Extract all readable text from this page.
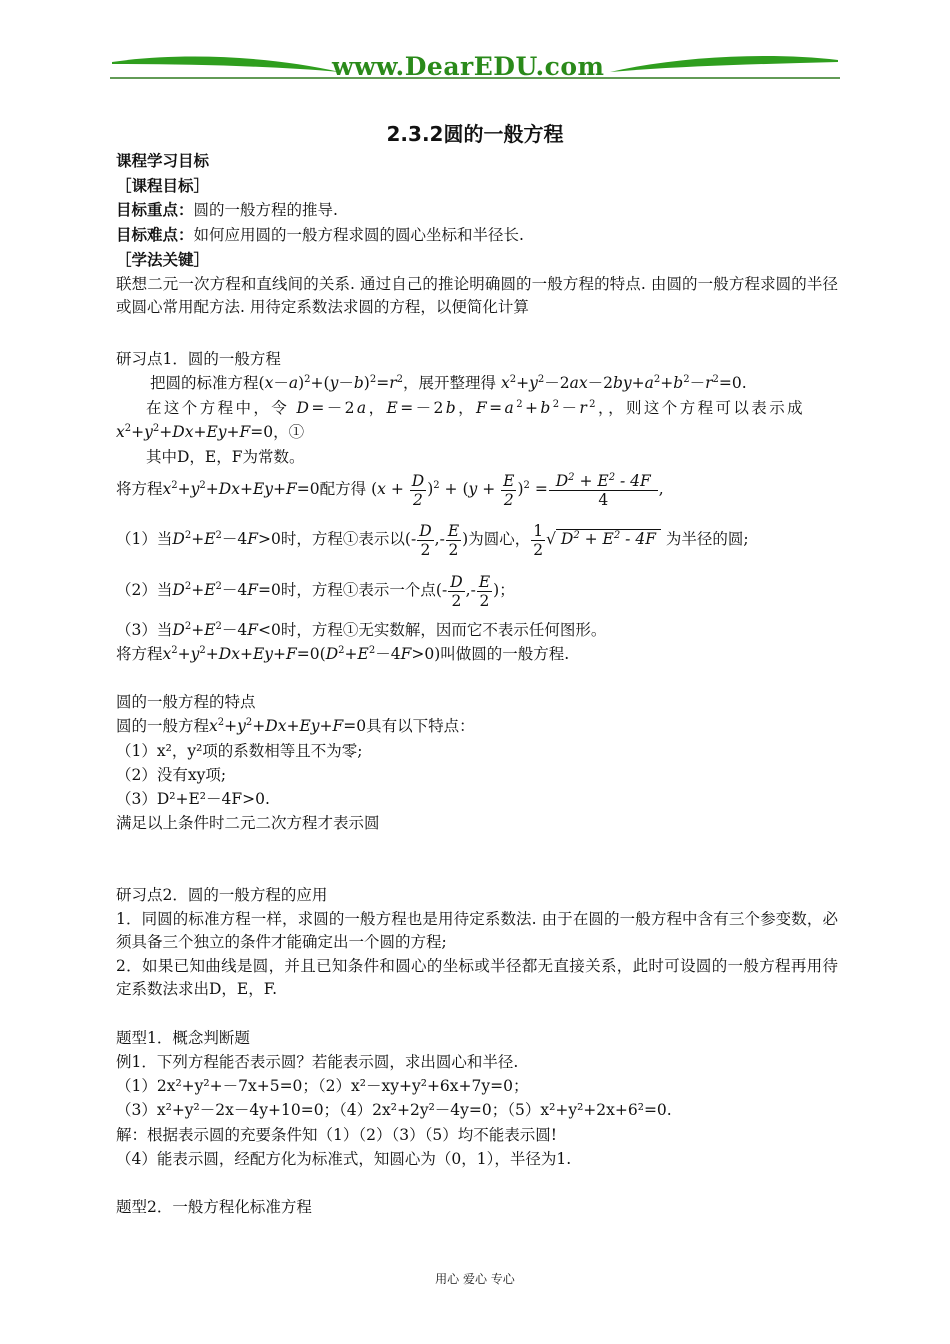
www.DearEDU.com
2.3.2圆的一般方程
课程学习目标
［课程目标］
目标重点：圆的一般方程的推导.
目标难点：如何应用圆的一般方程求圆的圆心坐标和半径长.
［学法关键］
联想二元一次方程和直线间的关系. 通过自己的推论明确圆的一般方程的特点. 由圆的一般方程求圆的半径或圆心常用配方法. 用待定系数法求圆的方程，以便简化计算
研习点1．圆的一般方程
把圆的标准方程$(x-a)^2+(y-b)^2=r^2$，展开整理得 $x^2+y^2-2ax-2by+a^2+b^2-r^2=0$.
在这个方程中，令 D=－2a，E=－2b，$F=a^2+b^2-r^2$，，则这个方程可以表示成
$x^2+y^2+Dx+Ey+F=0$，①
其中D，E，F为常数。
将方程$x^2+y^2+Dx+Ey+F=0$配方得 $(x + \frac{D}{2} )^2 + (y + \frac{E}{2} )^2 = \frac{D^2 + E^2 - 4F}{4}$ ,
（1）当$D^2+E^2-4F>0$时，方程①表示以(- $\frac{D}{2}$ ,- $\frac{E}{2}$ )为圆心， $\frac{1}{2}$ √ $D^2 + E^2 - 4F$  为半径的圆;
（2）当$D^2+E^2-4F=0$时，方程①表示一个点(- $\frac{D}{2}$ ,- $\frac{E}{2}$ )；
（3）当$D^2+E^2-4F<0$时，方程①无实数解，因而它不表示任何图形。
将方程$x^2+y^2+Dx+Ey+F=0(D^2+E^2-4F>0)$叫做圆的一般方程.
圆的一般方程的特点
圆的一般方程$x^2+y^2+Dx+Ey+F=0$具有以下特点：
（1）x²，y²项的系数相等且不为零;
（2）没有xy项;
（3）D²+E²－4F>0.
满足以上条件时二元二次方程才表示圆
研习点2．圆的一般方程的应用
1．同圆的标准方程一样，求圆的一般方程也是用待定系数法. 由于在圆的一般方程中含有三个参变数，必须具备三个独立的条件才能确定出一个圆的方程;
2．如果已知曲线是圆，并且已知条件和圆心的坐标或半径都无直接关系，此时可设圆的一般方程再用待定系数法求出D，E，F.
题型1．概念判断题
例1．下列方程能否表示圆？若能表示圆，求出圆心和半径.
（1）2x²+y²+－7x+5=0；（2）x²－xy+y²+6x+7y=0；
（3）x²+y²－2x－4y+10=0；（4）2x²+2y²－4y=0；（5）x²+y²+2x+6²=0.
解：根据表示圆的充要条件知（1）（2）（3）（5）均不能表示圆!
（4）能表示圆，经配方化为标准式，知圆心为（0，1），半径为1.
题型2．一般方程化标准方程
用心 爱心 专心
